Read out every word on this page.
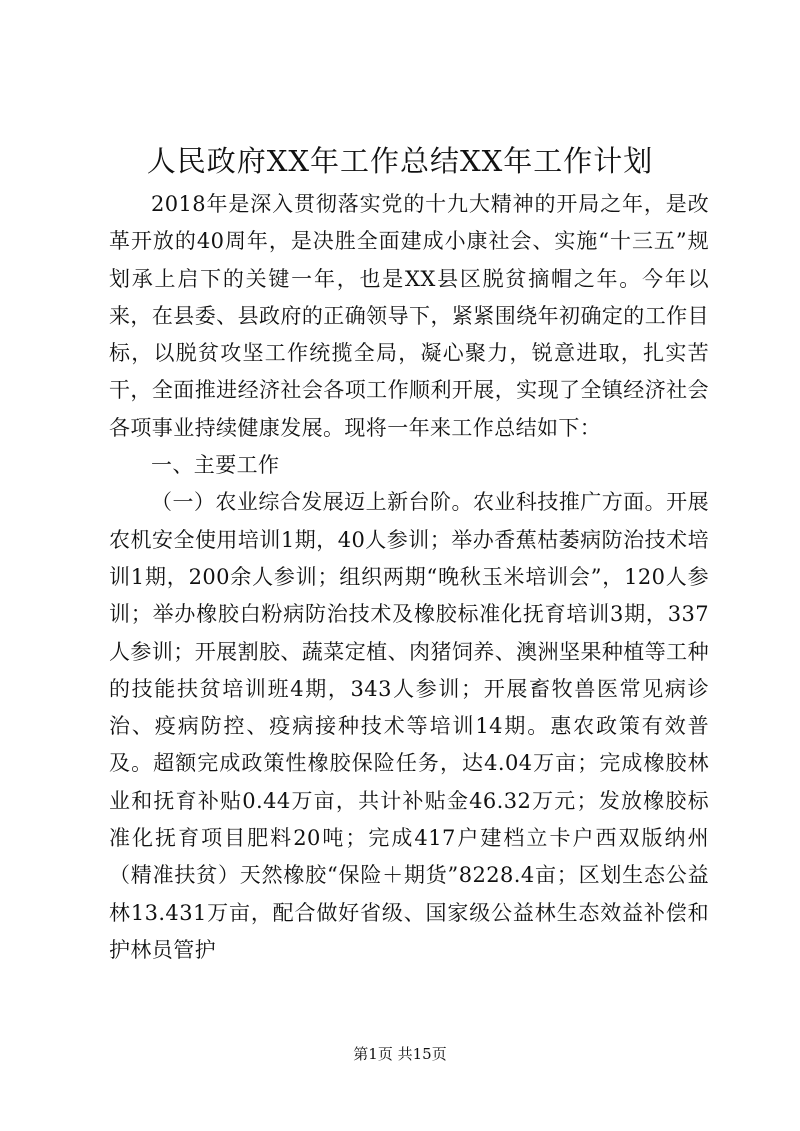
人民政府XX年工作总结XX年工作计划

2018年是深入贯彻落实党的十九大精神的开局之年，是改革开放的40周年，是决胜全面建成小康社会、实施“十三五”规划承上启下的关键一年，也是XX县区脱贫摘帽之年。今年以来，在县委、县政府的正确领导下，紧紧围绕年初确定的工作目标，以脱贫攻坚工作统揽全局，凝心聚力，锐意进取，扎实苦干，全面推进经济社会各项工作顺利开展，实现了全镇经济社会各项事业持续健康发展。现将一年来工作总结如下：

一、主要工作

（一）农业综合发展迈上新台阶。农业科技推广方面。开展农机安全使用培训1期，40人参训；举办香蕉枯萎病防治技术培训1期，200余人参训；组织两期“晚秋玉米培训会”，120人参训；举办橡胶白粉病防治技术及橡胶标准化抚育培训3期，337人参训；开展割胶、蔬菜定植、肉猪饲养、澳洲坚果种植等工种的技能扶贫培训班4期，343人参训；开展畜牧兽医常见病诊治、疫病防控、疫病接种技术等培训14期。惠农政策有效普及。超额完成政策性橡胶保险任务，达4.04万亩；完成橡胶林业和抚育补贴0.44万亩，共计补贴金46.32万元；发放橡胶标准化抚育项目肥料20吨；完成417户建档立卡户西双版纳州（精准扶贫）天然橡胶“保险＋期货”8228.4亩；区划生态公益林13.431万亩，配合做好省级、国家级公益林生态效益补偿和护林员管护

第1页 共15页
